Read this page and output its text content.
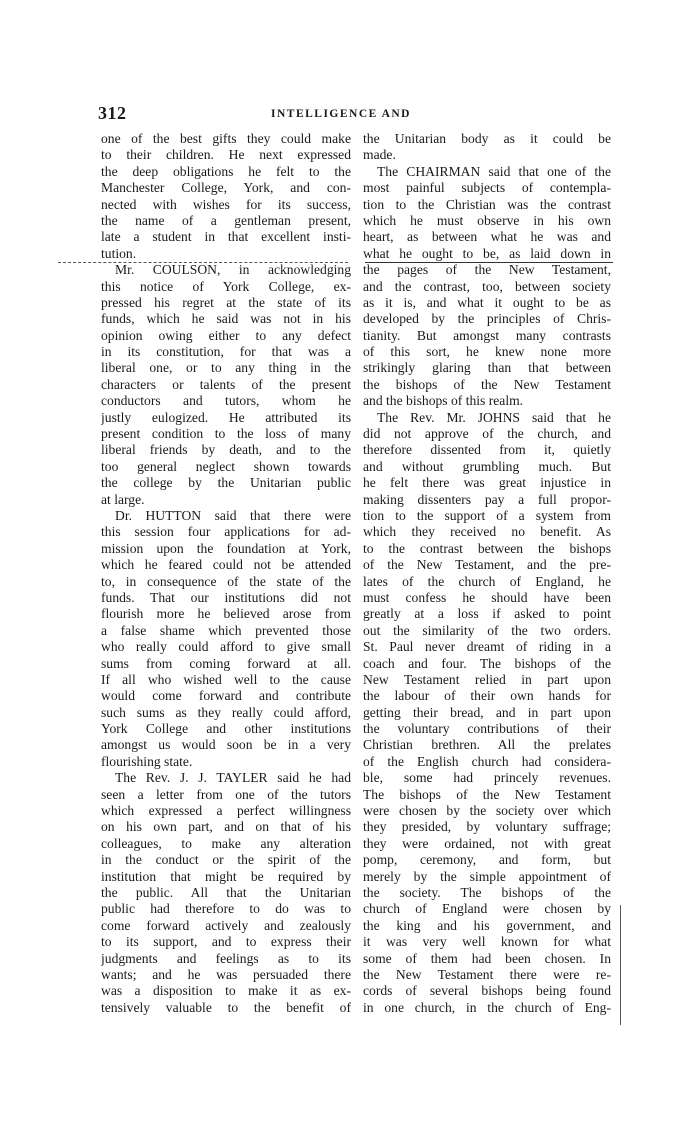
312	INTELLIGENCE AND
one of the best gifts they could make
to their children. He next expressed
the deep obligations he felt to the
Manchester College, York, and con-
nected with wishes for its success,
the name of a gentleman present,
late a student in that excellent insti-
tution.
Mr. COULSON, in acknowledging
this notice of York College, ex-
pressed his regret at the state of its
funds, which he said was not in his
opinion owing either to any defect
in its constitution, for that was a
liberal one, or to any thing in the
characters or talents of the present
conductors and tutors, whom he
justly eulogized. He attributed its
present condition to the loss of many
liberal friends by death, and to the
too general neglect shown towards
the college by the Unitarian public
at large.
Dr. HUTTON said that there were
this session four applications for ad-
mission upon the foundation at York,
which he feared could not be attended
to, in consequence of the state of the
funds. That our institutions did not
flourish more he believed arose from
a false shame which prevented those
who really could afford to give small
sums from coming forward at all.
If all who wished well to the cause
would come forward and contribute
such sums as they really could afford,
York College and other institutions
amongst us would soon be in a very
flourishing state.
The Rev. J. J. TAYLER said he had
seen a letter from one of the tutors
which expressed a perfect willingness
on his own part, and on that of his
colleagues, to make any alteration
in the conduct or the spirit of the
institution that might be required by
the public. All that the Unitarian
public had therefore to do was to
come forward actively and zealously
to its support, and to express their
judgments and feelings as to its
wants; and he was persuaded there
was a disposition to make it as ex-
tensively valuable to the benefit of
the Unitarian body as it could be
made.
The CHAIRMAN said that one of the
most painful subjects of contempla-
tion to the Christian was the contrast
which he must observe in his own
heart, as between what he was and
what he ought to be, as laid down in
the pages of the New Testament,
and the contrast, too, between society
as it is, and what it ought to be as
developed by the principles of Chris-
tianity. But amongst many contrasts
of this sort, he knew none more
strikingly glaring than that between
the bishops of the New Testament
and the bishops of this realm.
The Rev. Mr. JOHNS said that he
did not approve of the church, and
therefore dissented from it, quietly
and without grumbling much. But
he felt there was great injustice in
making dissenters pay a full propor-
tion to the support of a system from
which they received no benefit. As
to the contrast between the bishops
of the New Testament, and the pre-
lates of the church of England, he
must confess he should have been
greatly at a loss if asked to point
out the similarity of the two orders.
St. Paul never dreamt of riding in a
coach and four. The bishops of the
New Testament relied in part upon
the labour of their own hands for
getting their bread, and in part upon
the voluntary contributions of their
Christian brethren. All the prelates
of the English church had considera-
ble, some had princely revenues.
The bishops of the New Testament
were chosen by the society over which
they presided, by voluntary suffrage;
they were ordained, not with great
pomp, ceremony, and form, but
merely by the simple appointment of
the society. The bishops of the
church of England were chosen by
the king and his government, and
it was very well known for what
some of them had been chosen. In
the New Testament there were re-
cords of several bishops being found
in one church, in the church of Eng-
